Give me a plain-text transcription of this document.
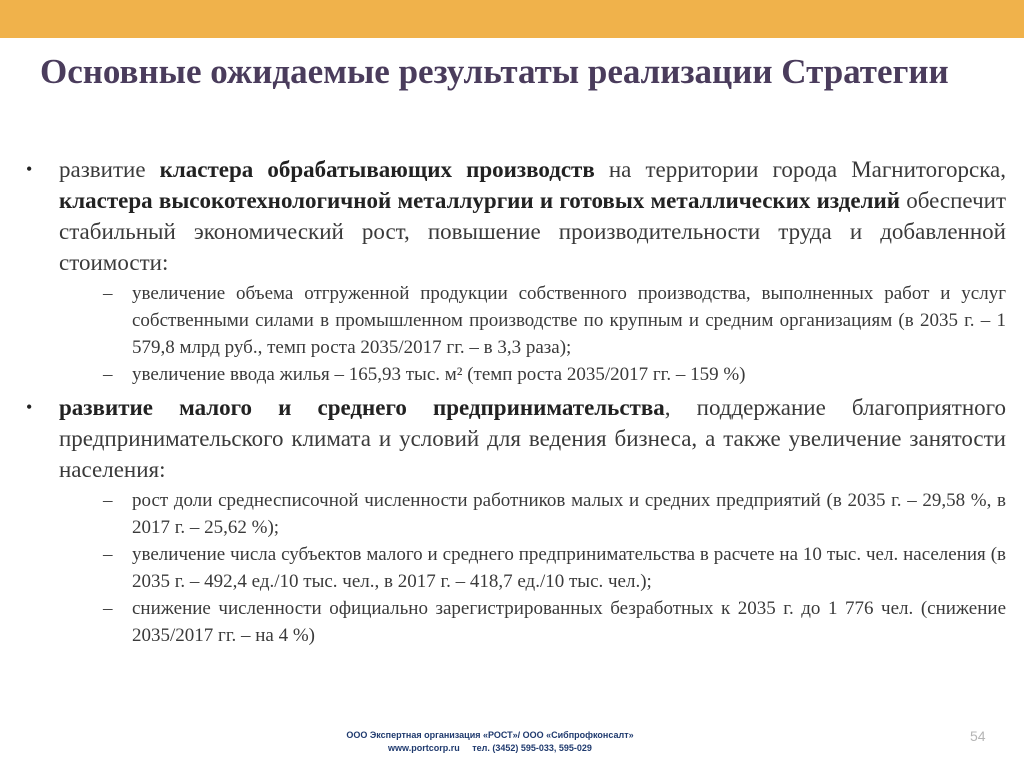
Основные ожидаемые результаты реализации Стратегии
• развитие кластера обрабатывающих производств на территории города Магнитогорска, кластера высокотехнологичной металлургии и готовых металлических изделий обеспечит стабильный экономический рост, повышение производительности труда и добавленной стоимости:

– увеличение объема отгруженной продукции собственного производства, выполненных работ и услуг собственными силами в промышленном производстве по крупным и средним организациям (в 2035 г. – 1 579,8 млрд руб., темп роста 2035/2017 гг. – в 3,3 раза);

– увеличение ввода жилья – 165,93 тыс. м² (темп роста 2035/2017 гг. – 159 %)

• развитие малого и среднего предпринимательства, поддержание благоприятного предпринимательского климата и условий для ведения бизнеса, а также увеличение занятости населения:

– рост доли среднесписочной численности работников малых и средних предприятий (в 2035 г. – 29,58 %, в 2017 г. – 25,62 %);

– увеличение числа субъектов малого и среднего предпринимательства в расчете на 10 тыс. чел. населения (в 2035 г. – 492,4 ед./10 тыс. чел., в 2017 г. – 418,7 ед./10 тыс. чел.);

– снижение численности официально зарегистрированных безработных к 2035 г. до 1 776 чел. (снижение 2035/2017 гг. – на 4 %)

ООО Экспертная организация «РОСТ»/ ООО «Сибпрофконсалт»
www.portcorp.ru     тел. (3452) 595-033, 595-029
54
